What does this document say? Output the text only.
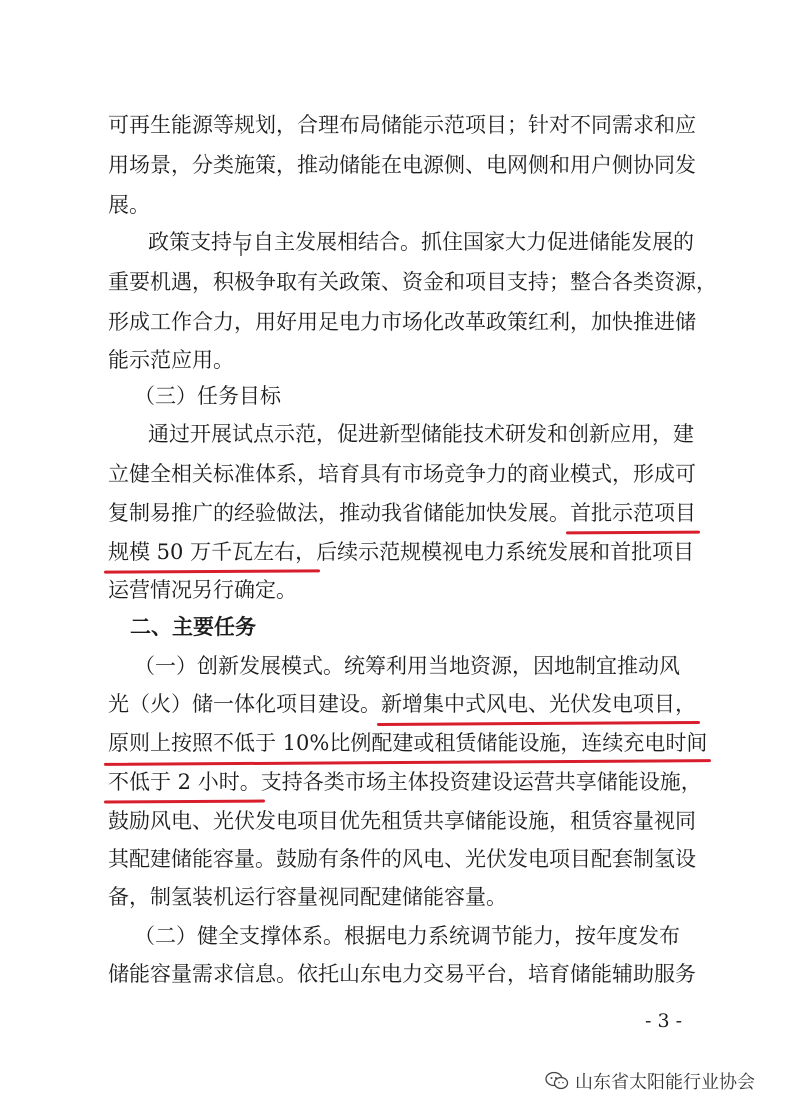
可再生能源等规划，合理布局储能示范项目；针对不同需求和应
用场景，分类施策，推动储能在电源侧、电网侧和用户侧协同发
展。
政策支持与自主发展相结合。抓住国家大力促进储能发展的
重要机遇，积极争取有关政策、资金和项目支持；整合各类资源，
形成工作合力，用好用足电力市场化改革政策红利，加快推进储
能示范应用。
（三）任务目标
通过开展试点示范，促进新型储能技术研发和创新应用，建
立健全相关标准体系，培育具有市场竞争力的商业模式，形成可
复制易推广的经验做法，推动我省储能加快发展。首批示范项目
规模 50 万千瓦左右，后续示范规模视电力系统发展和首批项目
运营情况另行确定。
二、主要任务
（一）创新发展模式。统筹利用当地资源，因地制宜推动风
光（火）储一体化项目建设。新增集中式风电、光伏发电项目，
原则上按照不低于 10%比例配建或租赁储能设施，连续充电时间
不低于 2 小时。支持各类市场主体投资建设运营共享储能设施，
鼓励风电、光伏发电项目优先租赁共享储能设施，租赁容量视同
其配建储能容量。鼓励有条件的风电、光伏发电项目配套制氢设
备，制氢装机运行容量视同配建储能容量。
（二）健全支撑体系。根据电力系统调节能力，按年度发布
储能容量需求信息。依托山东电力交易平台，培育储能辅助服务
- 3 -
山东省太阳能行业协会
